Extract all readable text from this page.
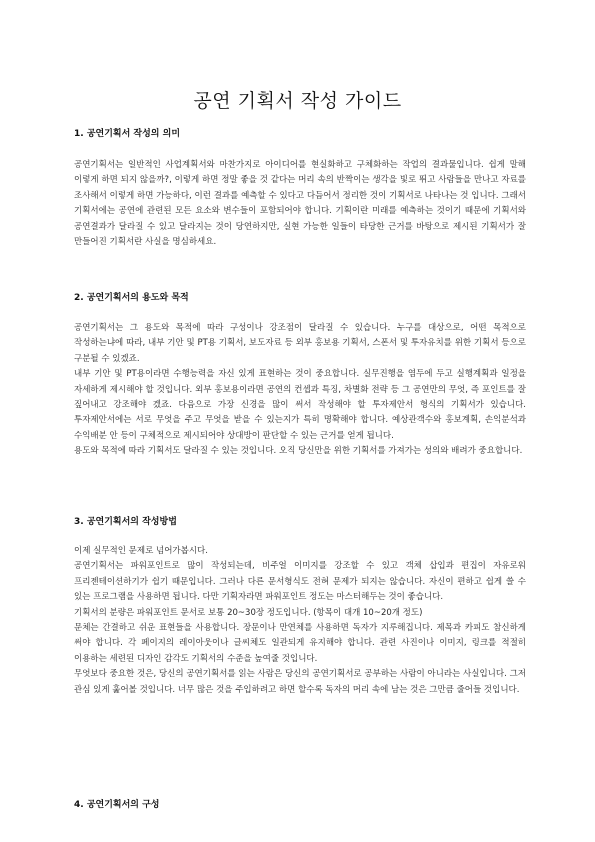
공연 기획서 작성 가이드

1. 공연기획서 작성의 의미

공연기획서는 일반적인 사업계획서와 마찬가지로 아이디어를 현실화하고 구체화하는 작업의 결과물입니다. 쉽게 말해 이렇게 하면 되지 않을까?, 이렇게 하면 정말 좋을 것 같다는 머리 속의 반짝이는 생각을 빛로 뛰고 사람들을 만나고 자료를 조사해서 이렇게 하면 가능하다, 이런 결과를 예측할 수 있다고 다듬어서 정리한 것이 기획서로 나타나는 것 입니다. 그래서 기획서에는 공연에 관련된 모든 요소와 변수들이 포함되어야 합니다. 기획이란 미래를 예측하는 것이기 때문에 기획서와 공연결과가 달라질 수 있고 달라지는 것이 당연하지만, 실현 가능한 일들이 타당한 근거를 바탕으로 제시된 기획서가 잘 만들어진 기획서란 사실을 명심하세요.

2. 공연기획서의 용도와 목적

공연기획서는 그 용도와 목적에 따라 구성이나 강조점이 달라질 수 있습니다. 누구를 대상으로, 어떤 목적으로 작성하는냐에 따라, 내부 기안 및 PT용 기획서, 보도자료 등 외부 홍보용 기획서, 스폰서 및 투자유치를 위한 기획서 등으로 구분될 수 있겠죠.

내부 기안 및 PT용이라면 수행능력을 자신 있게 표현하는 것이 중요합니다. 실무진행을 염두에 두고 실행계획과 일정을 자세하게 제시해야 할 것입니다. 외부 홍보용이라면 공연의 컨셉과 특징, 차별화 전략 등 그 공연만의 무엇, 즉 포인트를 잘 짚어내고 강조해야 겠죠. 다음으로 가장 신경을 많이 써서 작성해야 할 투자제안서 형식의 기획서가 있습니다. 투자제안서에는 서로 무엇을 주고 무엇을 받을 수 있는지가 특히 명확해야 합니다. 예상관객수와 홍보계획, 손익분석과 수익배분 안 등이 구체적으로 제시되어야 상대방이 판단할 수 있는 근거를 얻게 됩니다.

용도와 목적에 따라 기획서도 달라질 수 있는 것입니다. 오직 당신만을 위한 기획서를 가져가는 성의와 배려가 중요합니다.

3. 공연기획서의 작성방법

이제 실무적인 문제로 넘어가봅시다.

공연기획서는 파워포인트로 많이 작성되는데, 비주얼 이미지를 강조할 수 있고 객체 삽입과 편집이 자유로워 프리젠테이션하기가 쉽기 때문입니다. 그러나 다른 문서형식도 전혀 문제가 되지는 않습니다. 자신이 편하고 쉽게 쓸 수 있는 프로그램을 사용하면 됩니다. 다만 기획자라면 파워포인트 정도는 마스터해두는 것이 좋습니다.

기획서의 분량은 파워포인트 문서로 보통 20~30장 정도입니다. (항목이 대개 10~20개 정도)

문체는 간결하고 쉬운 표현들을 사용합니다. 장문이나 만연체를 사용하면 독자가 지루해집니다. 제목과 카피도 참신하게 써야 합니다. 각 페이지의 레이아웃이나 글씨체도 일관되게 유지해야 합니다. 관련 사진이나 이미지, 링크를 적절히 이용하는 세련된 디자인 감각도 기획서의 수준을 높여줄 것입니다.

무엇보다 중요한 것은, 당신의 공연기획서를 읽는 사람은 당신의 공연기획서로 공부하는 사람이 아니라는 사실입니다. 그저 관심 있게 훑어볼 것입니다. 너무 많은 것을 주입하려고 하면 할수록 독자의 머리 속에 남는 것은 그만큼 줄어들 것입니다.

4. 공연기획서의 구성
